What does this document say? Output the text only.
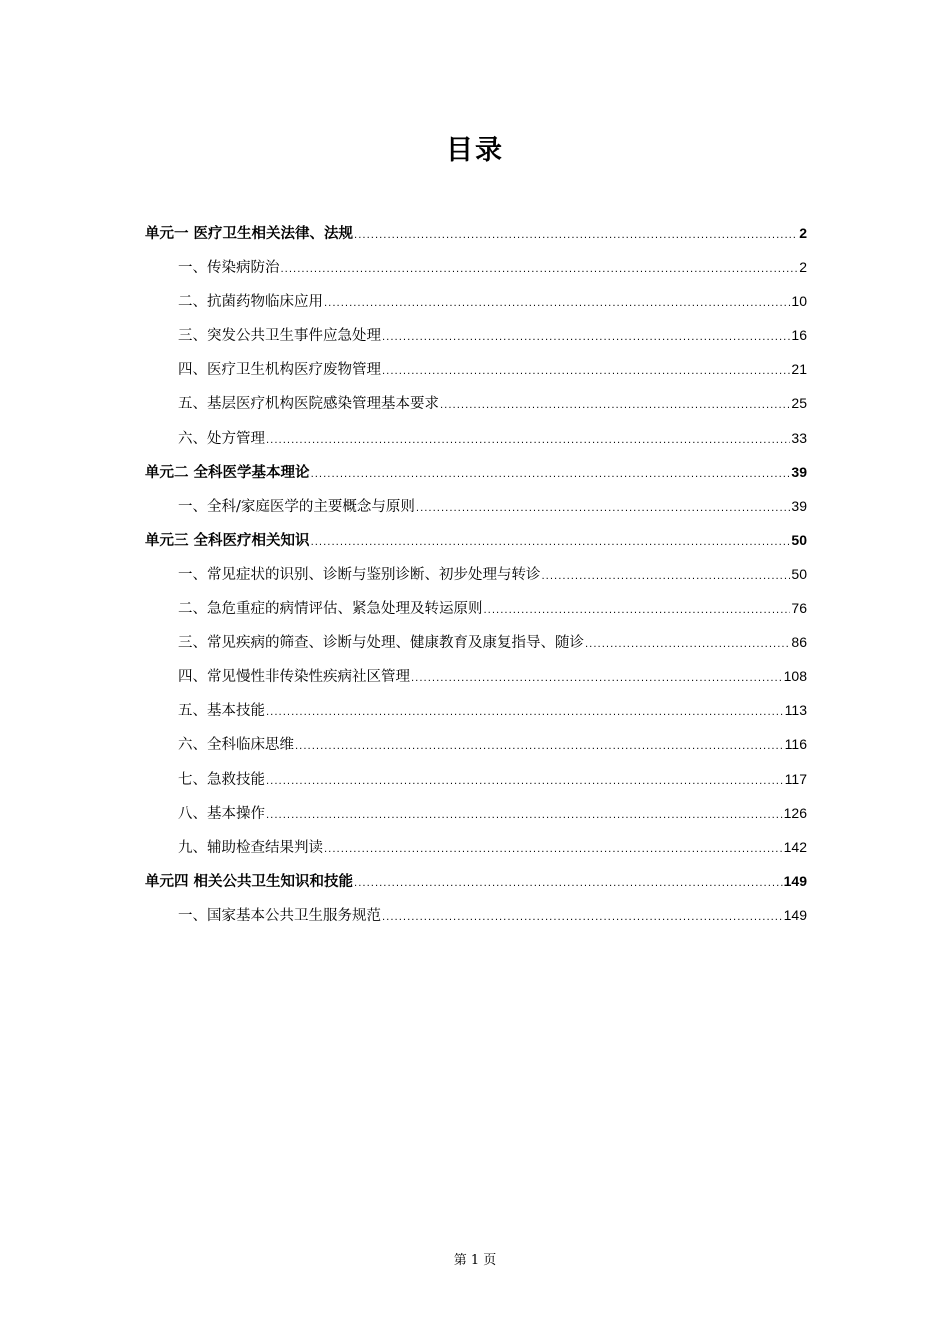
目录
单元一 医疗卫生相关法律、法规 .....	2
一、传染病防治 .....	2
二、抗菌药物临床应用 .....	10
三、突发公共卫生事件应急处理 .....	16
四、医疗卫生机构医疗废物管理 .....	21
五、基层医疗机构医院感染管理基本要求 .....	25
六、处方管理 .....	33
单元二 全科医学基本理论 .....	39
一、全科/家庭医学的主要概念与原则 .....	39
单元三 全科医疗相关知识 .....	50
一、常见症状的识别、诊断与鉴别诊断、初步处理与转诊 .....	50
二、急危重症的病情评估、紧急处理及转运原则 .....	76
三、常见疾病的筛查、诊断与处理、健康教育及康复指导、随诊 .....	86
四、常见慢性非传染性疾病社区管理 .....	108
五、基本技能 .....	113
六、全科临床思维 .....	116
七、急救技能 .....	117
八、基本操作 .....	126
九、辅助检查结果判读 .....	142
单元四 相关公共卫生知识和技能 .....	149
一、国家基本公共卫生服务规范 .....	149
第 1 页
